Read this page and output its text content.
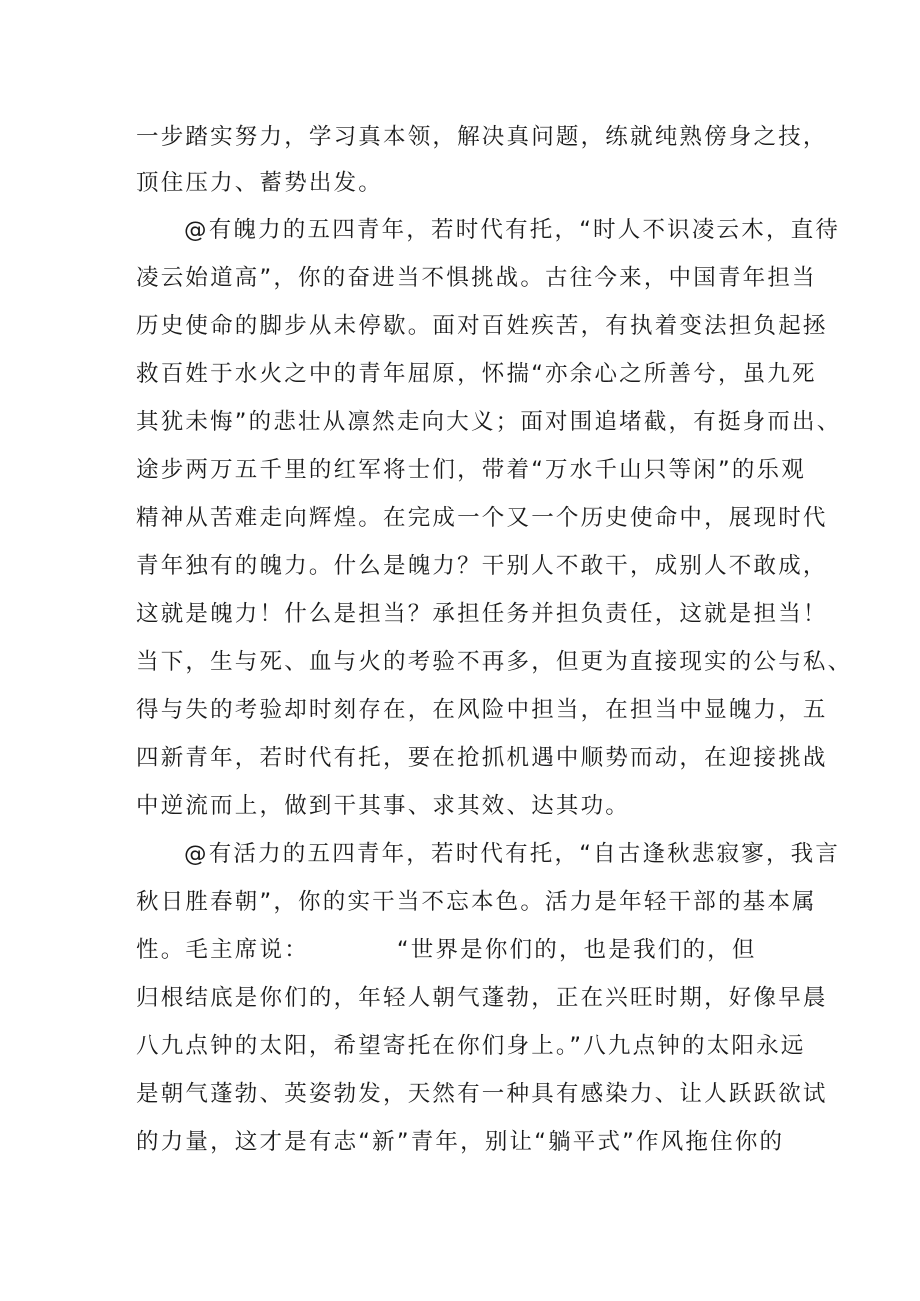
一步踏实努力，学习真本领，解决真问题，练就纯熟傍身之技，
顶住压力、蓄势出发。
@有魄力的五四青年，若时代有托，“时人不识凌云木，直待
凌云始道高”，你的奋进当不惧挑战。古往今来，中国青年担当
历史使命的脚步从未停歇。面对百姓疾苦，有执着变法担负起拯
救百姓于水火之中的青年屈原，怀揣“亦余心之所善兮，虽九死
其犹未悔”的悲壮从凛然走向大义；面对围追堵截，有挺身而出、
途步两万五千里的红军将士们，带着“万水千山只等闲”的乐观
精神从苦难走向辉煌。在完成一个又一个历史使命中，展现时代
青年独有的魄力。什么是魄力？干别人不敢干，成别人不敢成，
这就是魄力！什么是担当？承担任务并担负责任，这就是担当！
当下，生与死、血与火的考验不再多，但更为直接现实的公与私、
得与失的考验却时刻存在，在风险中担当，在担当中显魄力，五
四新青年，若时代有托，要在抢抓机遇中顺势而动，在迎接挑战
中逆流而上，做到干其事、求其效、达其功。
@有活力的五四青年，若时代有托，“自古逢秋悲寂寥，我言
秋日胜春朝”，你的实干当不忘本色。活力是年轻干部的基本属
性。毛主席说：	“世界是你们的，也是我们的，但
归根结底是你们的，年轻人朝气蓬勃，正在兴旺时期，好像早晨
八九点钟的太阳，希望寄托在你们身上。”八九点钟的太阳永远
是朝气蓬勃、英姿勃发，天然有一种具有感染力、让人跃跃欲试
的力量，这才是有志“新”青年，别让“躺平式”作风拖住你的
